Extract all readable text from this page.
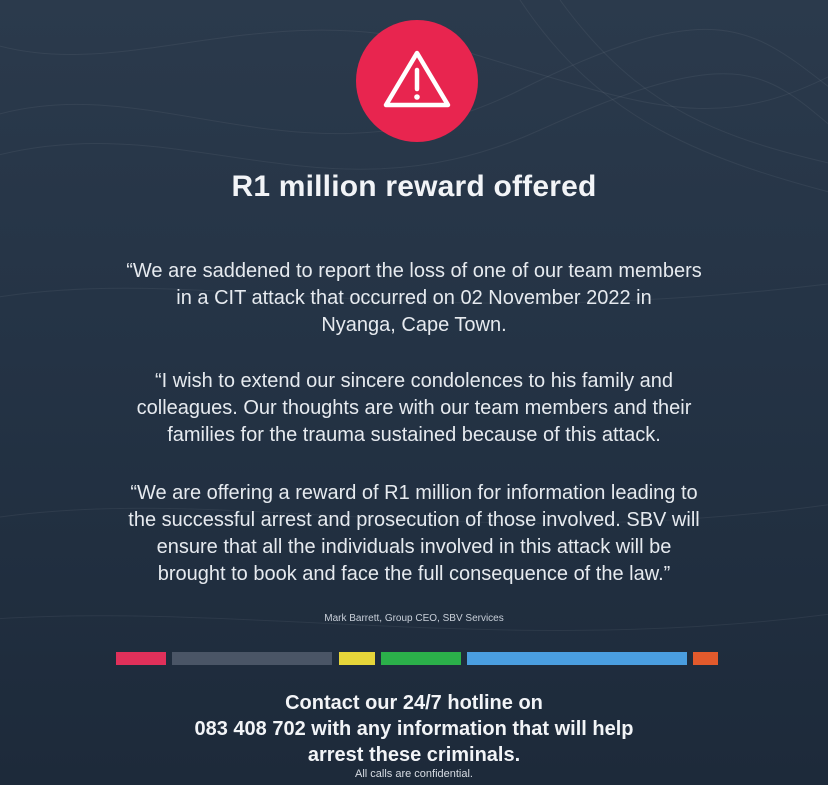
R1 million reward offered

“We are saddened to report the loss of one of our team members
in a CIT attack that occurred on 02 November 2022 in
Nyanga, Cape Town.

“I wish to extend our sincere condolences to his family and
colleagues. Our thoughts are with our team members and their
families for the trauma sustained because of this attack.

“We are offering a reward of R1 million for information leading to
the successful arrest and prosecution of those involved. SBV will
ensure that all the individuals involved in this attack will be
brought to book and face the full consequence of the law.”

Mark Barrett, Group CEO, SBV Services

Contact our 24/7 hotline on
083 408 702 with any information that will help
arrest these criminals.

All calls are confidential.
